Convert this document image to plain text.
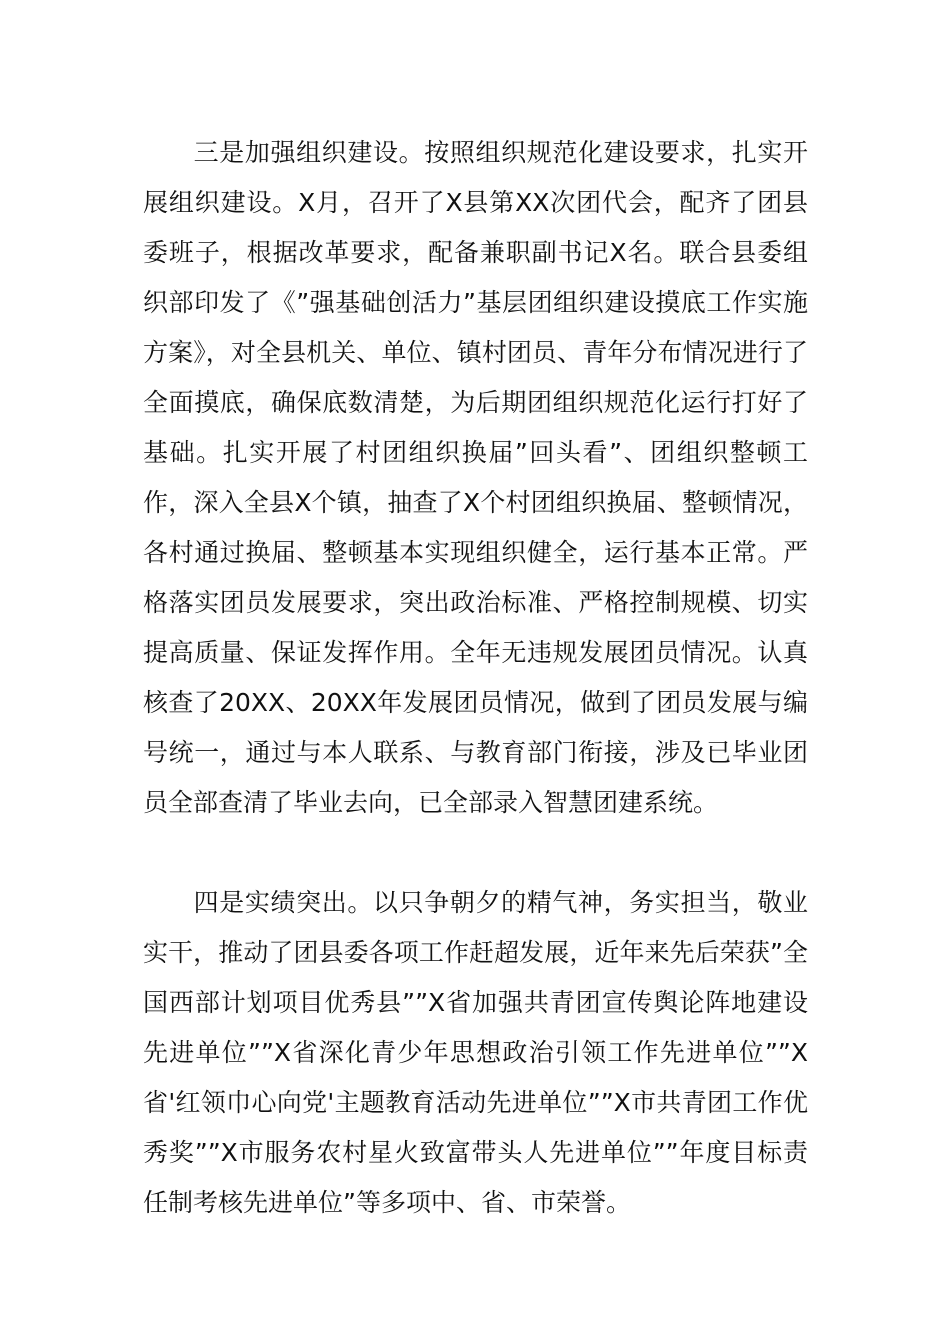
三是加强组织建设。按照组织规范化建设要求，扎实开展组织建设。X月，召开了X县第XX次团代会，配齐了团县委班子，根据改革要求，配备兼职副书记X名。联合县委组织部印发了《”强基础创活力”基层团组织建设摸底工作实施方案》，对全县机关、单位、镇村团员、青年分布情况进行了全面摸底，确保底数清楚，为后期团组织规范化运行打好了基础。扎实开展了村团组织换届”回头看”、团组织整顿工作，深入全县X个镇，抽查了X个村团组织换届、整顿情况，各村通过换届、整顿基本实现组织健全，运行基本正常。严格落实团员发展要求，突出政治标准、严格控制规模、切实提高质量、保证发挥作用。全年无违规发展团员情况。认真核查了20XX、20XX年发展团员情况，做到了团员发展与编号统一，通过与本人联系、与教育部门衔接，涉及已毕业团员全部查清了毕业去向，已全部录入智慧团建系统。

四是实绩突出。以只争朝夕的精气神，务实担当，敬业实干，推动了团县委各项工作赶超发展，近年来先后荣获”全国西部计划项目优秀县””X省加强共青团宣传舆论阵地建设先进单位””X省深化青少年思想政治引领工作先进单位””X省'红领巾心向党'主题教育活动先进单位””X市共青团工作优秀奖””X市服务农村星火致富带头人先进单位””年度目标责任制考核先进单位”等多项中、省、市荣誉。
